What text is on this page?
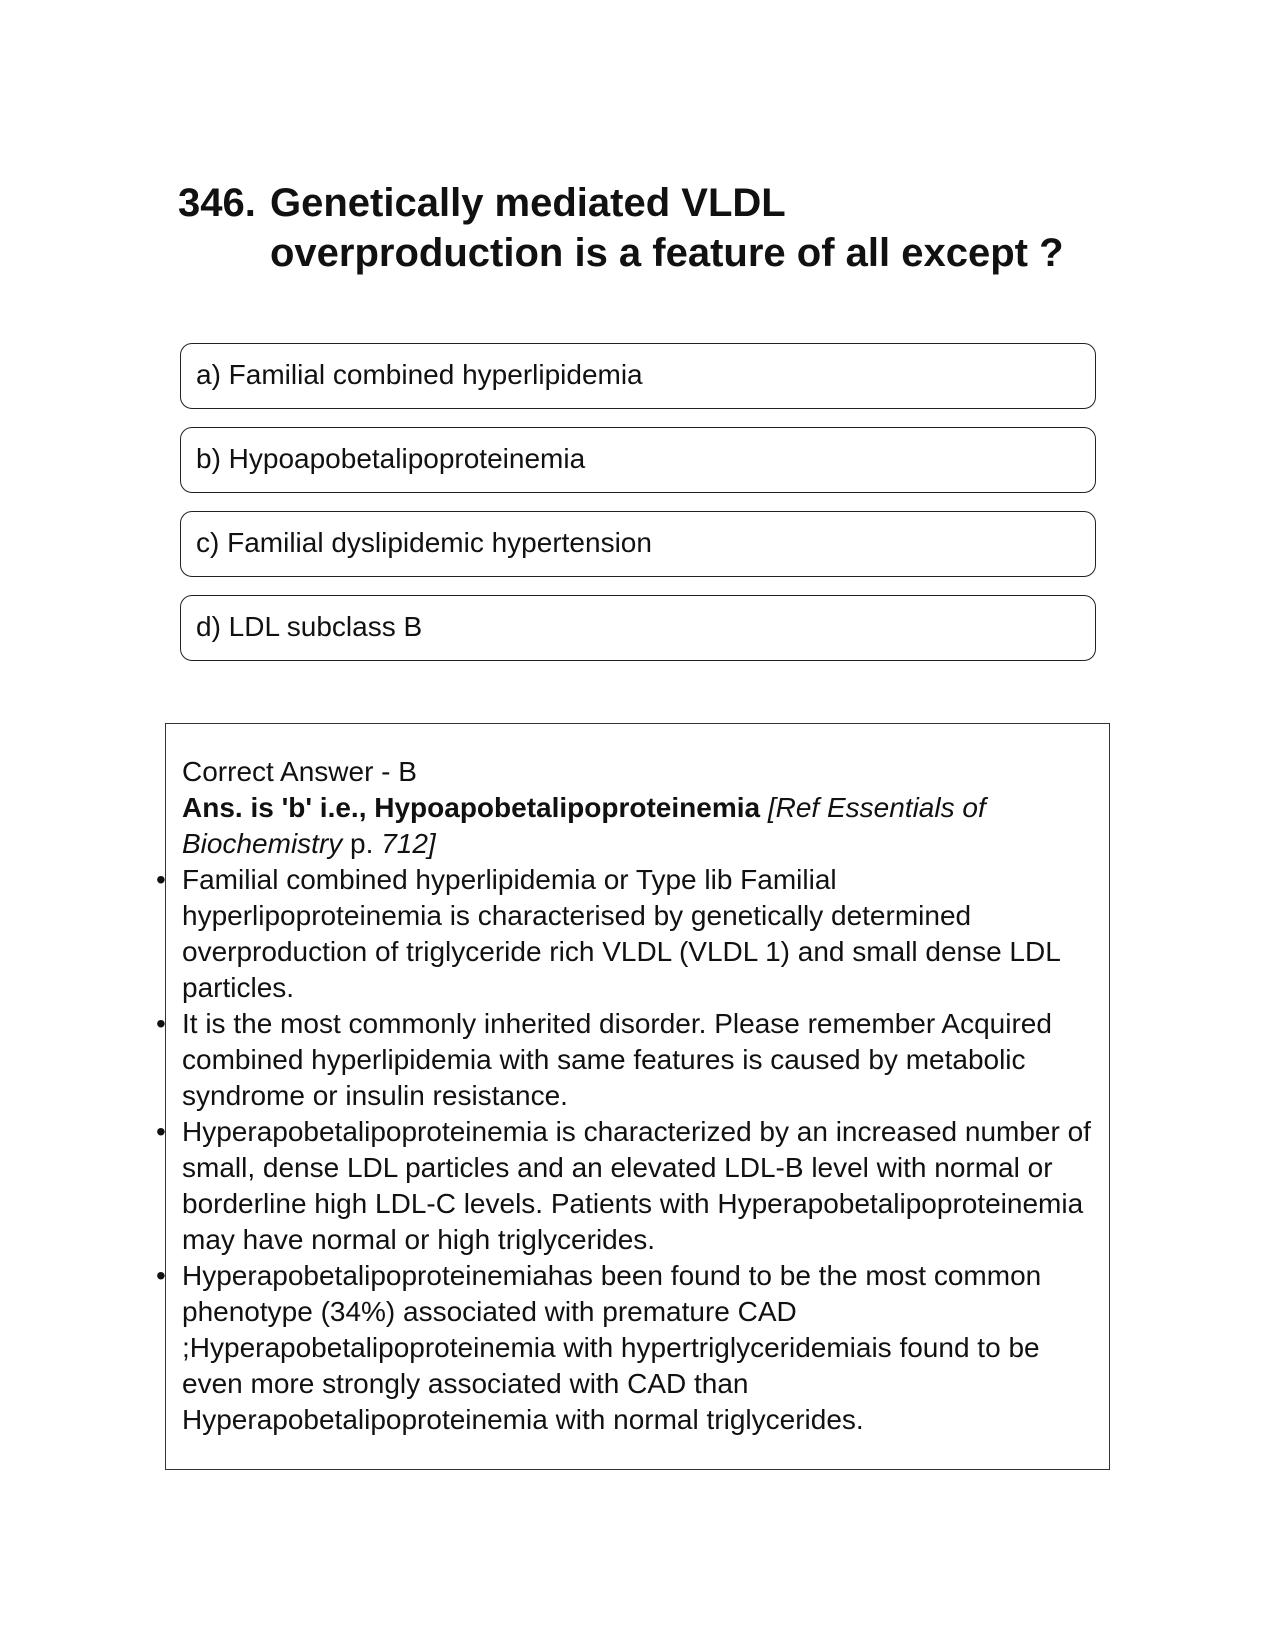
346. Genetically mediated VLDL overproduction is a feature of all except ?
a) Familial combined hyperlipidemia
b) Hypoapobetalipoproteinemia
c) Familial dyslipidemic hypertension
d) LDL subclass B

Correct Answer - B

Ans. is 'b' i.e., Hypoapobetalipoproteinemia [Ref Essentials of Biochemistry p. 712]

• Familial combined hyperlipidemia or Type lib Familial hyperlipoproteinemia is characterised by genetically determined overproduction of triglyceride rich VLDL (VLDL 1) and small dense LDL particles.
• It is the most commonly inherited disorder. Please remember Acquired combined hyperlipidemia with same features is caused by metabolic syndrome or insulin resistance.
• Hyperapobetalipoproteinemia is characterized by an increased number of small, dense LDL particles and an elevated LDL-B level with normal or borderline high LDL-C levels. Patients with Hyperapobetalipoproteinemia may have normal or high triglycerides.
• Hyperapobetalipoproteinemiahas been found to be the most common phenotype (34%) associated with premature CAD ;Hyperapobetalipoproteinemia with hypertriglyceridemiais found to be even more strongly associated with CAD than Hyperapobetalipoproteinemia with normal triglycerides.
